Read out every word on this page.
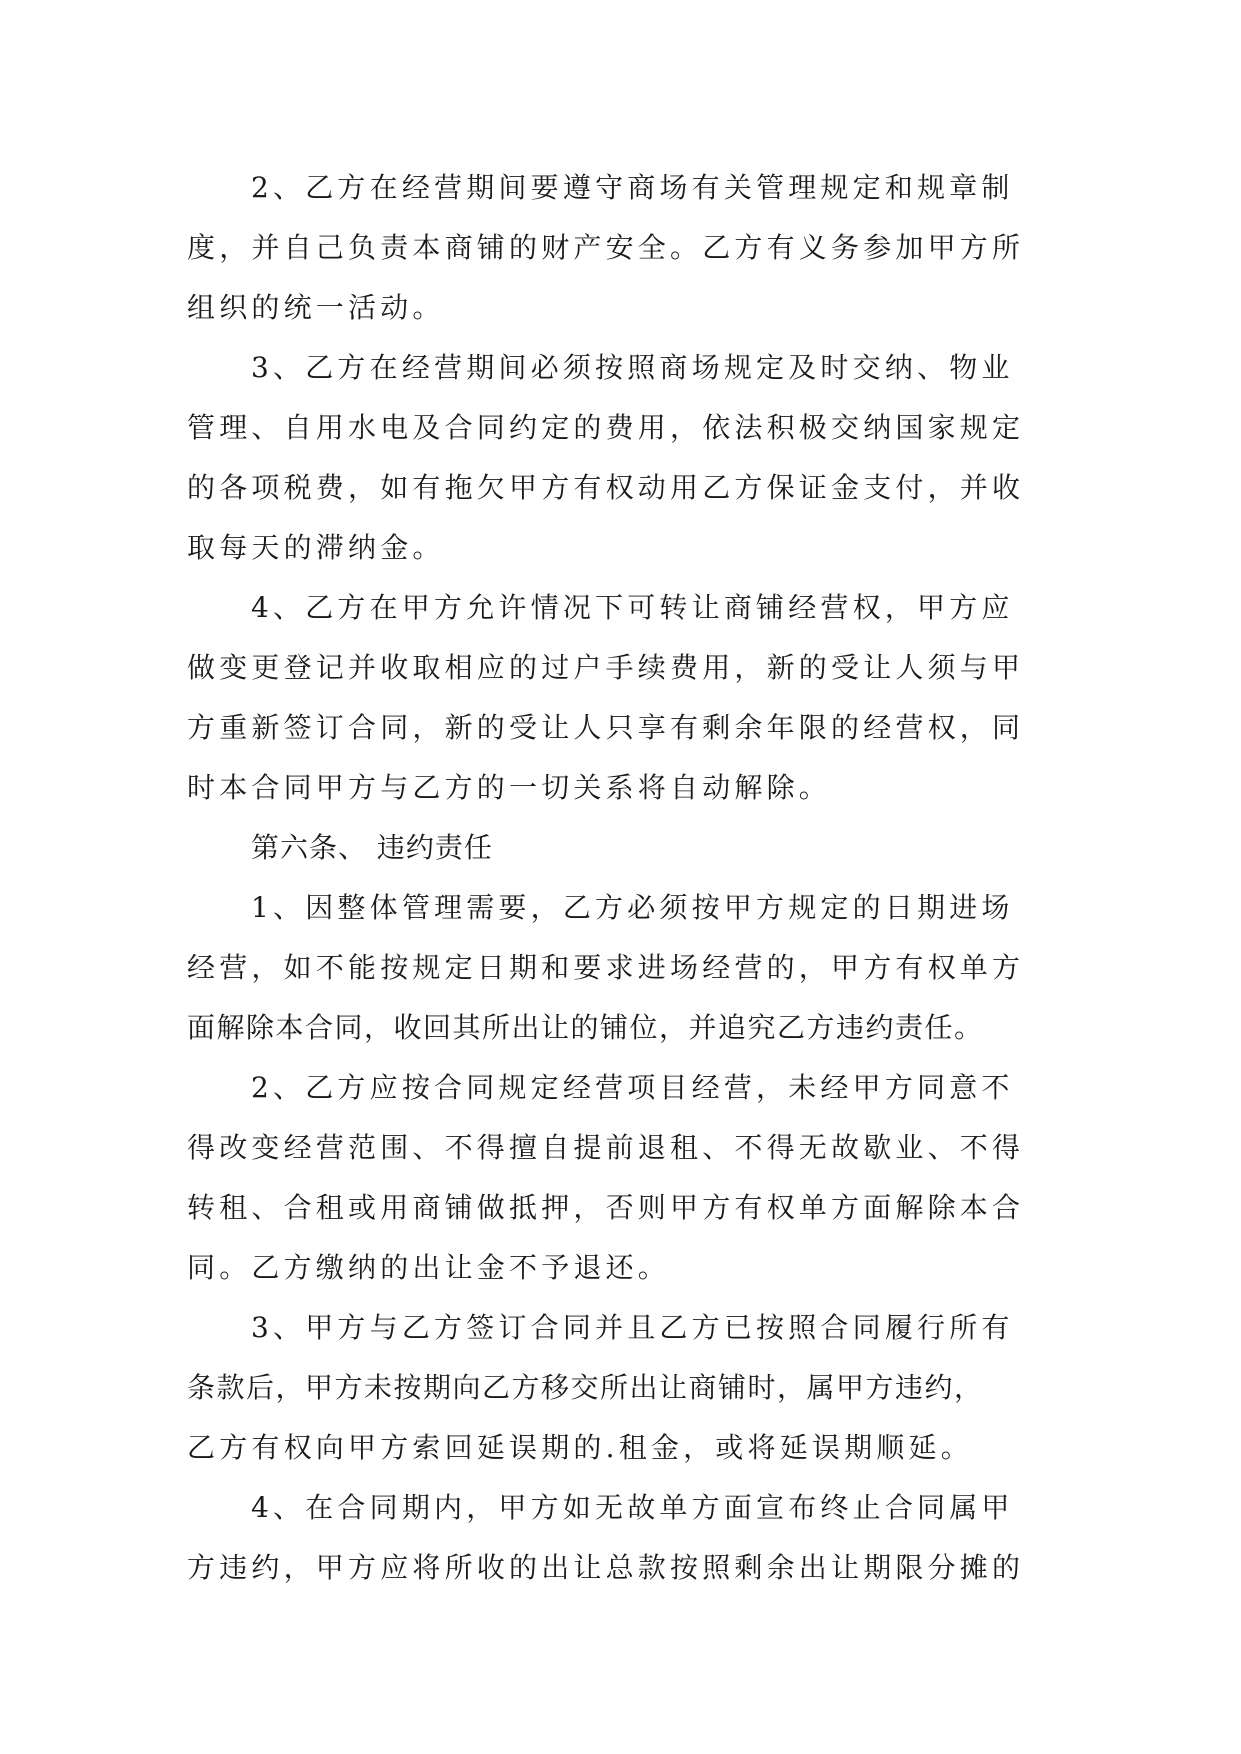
2、乙方在经营期间要遵守商场有关管理规定和规章制
度，并自己负责本商铺的财产安全。乙方有义务参加甲方所
组织的统一活动。
3、乙方在经营期间必须按照商场规定及时交纳、物业
管理、自用水电及合同约定的费用，依法积极交纳国家规定
的各项税费，如有拖欠甲方有权动用乙方保证金支付，并收
取每天的滞纳金。
4、乙方在甲方允许情况下可转让商铺经营权，甲方应
做变更登记并收取相应的过户手续费用，新的受让人须与甲
方重新签订合同，新的受让人只享有剩余年限的经营权，同
时本合同甲方与乙方的一切关系将自动解除。
第六条、 违约责任
1、因整体管理需要，乙方必须按甲方规定的日期进场
经营，如不能按规定日期和要求进场经营的，甲方有权单方
面解除本合同，收回其所出让的铺位，并追究乙方违约责任。
2、乙方应按合同规定经营项目经营，未经甲方同意不
得改变经营范围、不得擅自提前退租、不得无故歇业、不得
转租、合租或用商铺做抵押，否则甲方有权单方面解除本合
同。乙方缴纳的出让金不予退还。
3、甲方与乙方签订合同并且乙方已按照合同履行所有
条款后，甲方未按期向乙方移交所出让商铺时，属甲方违约，
乙方有权向甲方索回延误期的.租金，或将延误期顺延。
4、在合同期内，甲方如无故单方面宣布终止合同属甲
方违约，甲方应将所收的出让总款按照剩余出让期限分摊的
